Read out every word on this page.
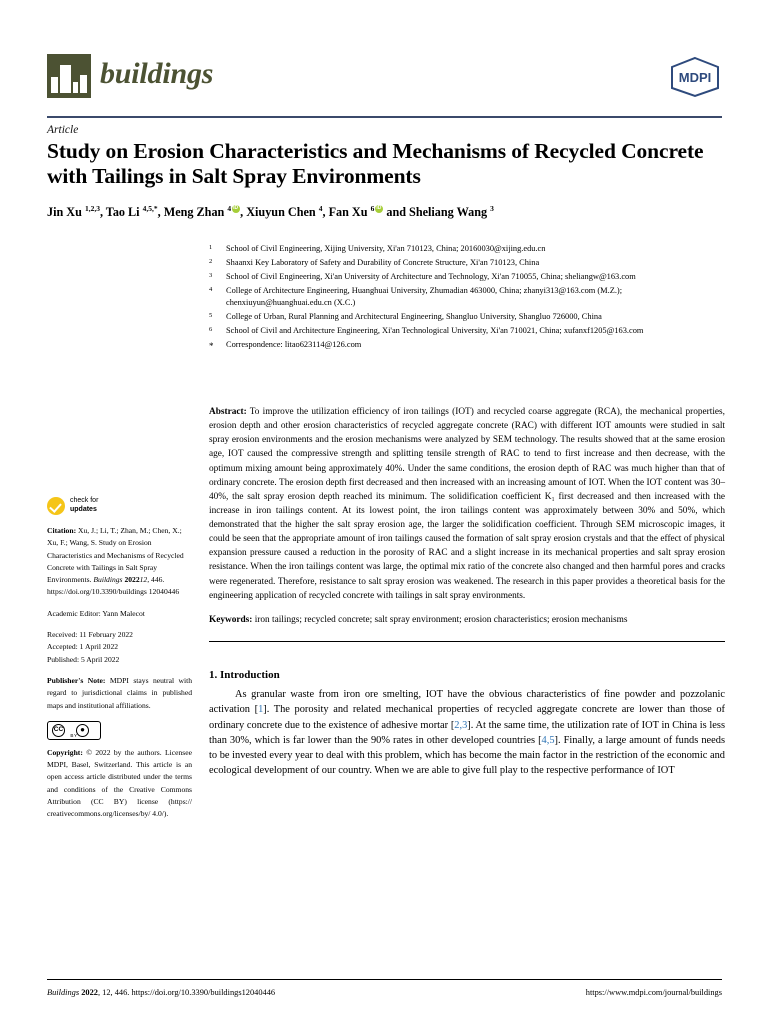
buildings	MDPI
Article
Study on Erosion Characteristics and Mechanisms of Recycled Concrete with Tailings in Salt Spray Environments
Jin Xu $^{1,2,3}$, Tao Li $^{4,5,*}$, Meng Zhan $^4$ iD , Xiuyun Chen $^4$, Fan Xu $^6$iD and Sheliang Wang $^3$
1	School of Civil Engineering, Xijing University, Xi'an 710123, China; 20160030@xijing.edu.cn
2	Shaanxi Key Laboratory of Safety and Durability of Concrete Structure, Xi'an 710123, China
3	School of Civil Engineering, Xi'an University of Architecture and Technology, Xi'an 710055, China; sheliangw@163.com
4	College of Architecture Engineering, Huanghuai University, Zhumadian 463000, China; zhanyi313@163.com (M.Z.); chenxiuyun@huanghuai.edu.cn (X.C.)
5	College of Urban, Rural Planning and Architectural Engineering, Shangluo University, Shangluo 726000, China
6	School of Civil and Architecture Engineering, Xi'an Technological University, Xi'an 710021, China; xufanxf1205@163.com
*	Correspondence: litao623114@126.com
check for
updates
Citation: Xu, J.; Li, T.; Zhan, M.; Chen, X.; Xu, F.; Wang, S. Study on Erosion Characteristics and Mechanisms of Recycled Concrete with Tailings in Salt Spray Environments. Buildings 202212, 446. https://doi.org/10.3390/buildings 12040446
Academic Editor: Yann Malecot
Received: 11 February 2022
Accepted: 1 April 2022
Published: 5 April 2022
Publisher's Note: MDPI stays neutral with regard to jurisdictional claims in published maps and institutional affiliations.
CC	●
BY
Copyright: © 2022 by the authors. Licensee MDPI, Basel, Switzerland. This article is an open access article distributed under the terms and conditions of the Creative Commons Attribution (CC BY) license (https:// creativecommons.org/licenses/by/ 4.0/).
Abstract: To improve the utilization efficiency of iron tailings (IOT) and recycled coarse aggregate (RCA), the mechanical properties, erosion depth and other erosion characteristics of recycled aggregate concrete (RAC) with different IOT amounts were studied in salt spray erosion environments and the erosion mechanisms were analyzed by SEM technology. The results showed that at the same erosion age, IOT caused the compressive strength and splitting tensile strength of RAC to tend to first increase and then decrease, with the optimum mixing amount being approximately 40%. Under the same conditions, the erosion depth of RAC was much higher than that of ordinary concrete. The erosion depth first decreased and then increased with an increasing amount of IOT. When the IOT content was 30–40%, the salt spray erosion depth reached its minimum. The solidification coefficient K₁ first decreased and then increased with the increase in iron tailings content. At its lowest point, the iron tailings content was approximately between 30% and 50%, which demonstrated that the higher the salt spray erosion age, the larger the solidification coefficient. Through SEM microscopic images, it could be seen that the appropriate amount of iron tailings caused the formation of salt spray erosion crystals and that the effect of physical expansion pressure caused a reduction in the porosity of RAC and a slight increase in its mechanical properties and salt spray erosion resistance. When the iron tailings content was large, the optimal mix ratio of the concrete also changed and then harmful pores and cracks were regenerated. Therefore, resistance to salt spray erosion was weakened. The research in this paper provides a theoretical basis for the engineering application of recycled concrete with tailings in salt spray environments.
Keywords: iron tailings; recycled concrete; salt spray environment; erosion characteristics; erosion mechanisms
1. Introduction
As granular waste from iron ore smelting, IOT have the obvious characteristics of fine powder and pozzolanic activation [1]. The porosity and related mechanical properties of recycled aggregate concrete are lower than those of ordinary concrete due to the existence of adhesive mortar [2,3]. At the same time, the utilization rate of IOT in China is less than 30%, which is far lower than the 90% rates in other developed countries [4,5]. Finally, a large amount of funds needs to be invested every year to deal with this problem, which has become the main factor in the restriction of the economic and ecological development of our country. When we are able to give full play to the respective performance of IOT
Buildings 2022, 12, 446. https://doi.org/10.3390/buildings12040446	https://www.mdpi.com/journal/buildings
